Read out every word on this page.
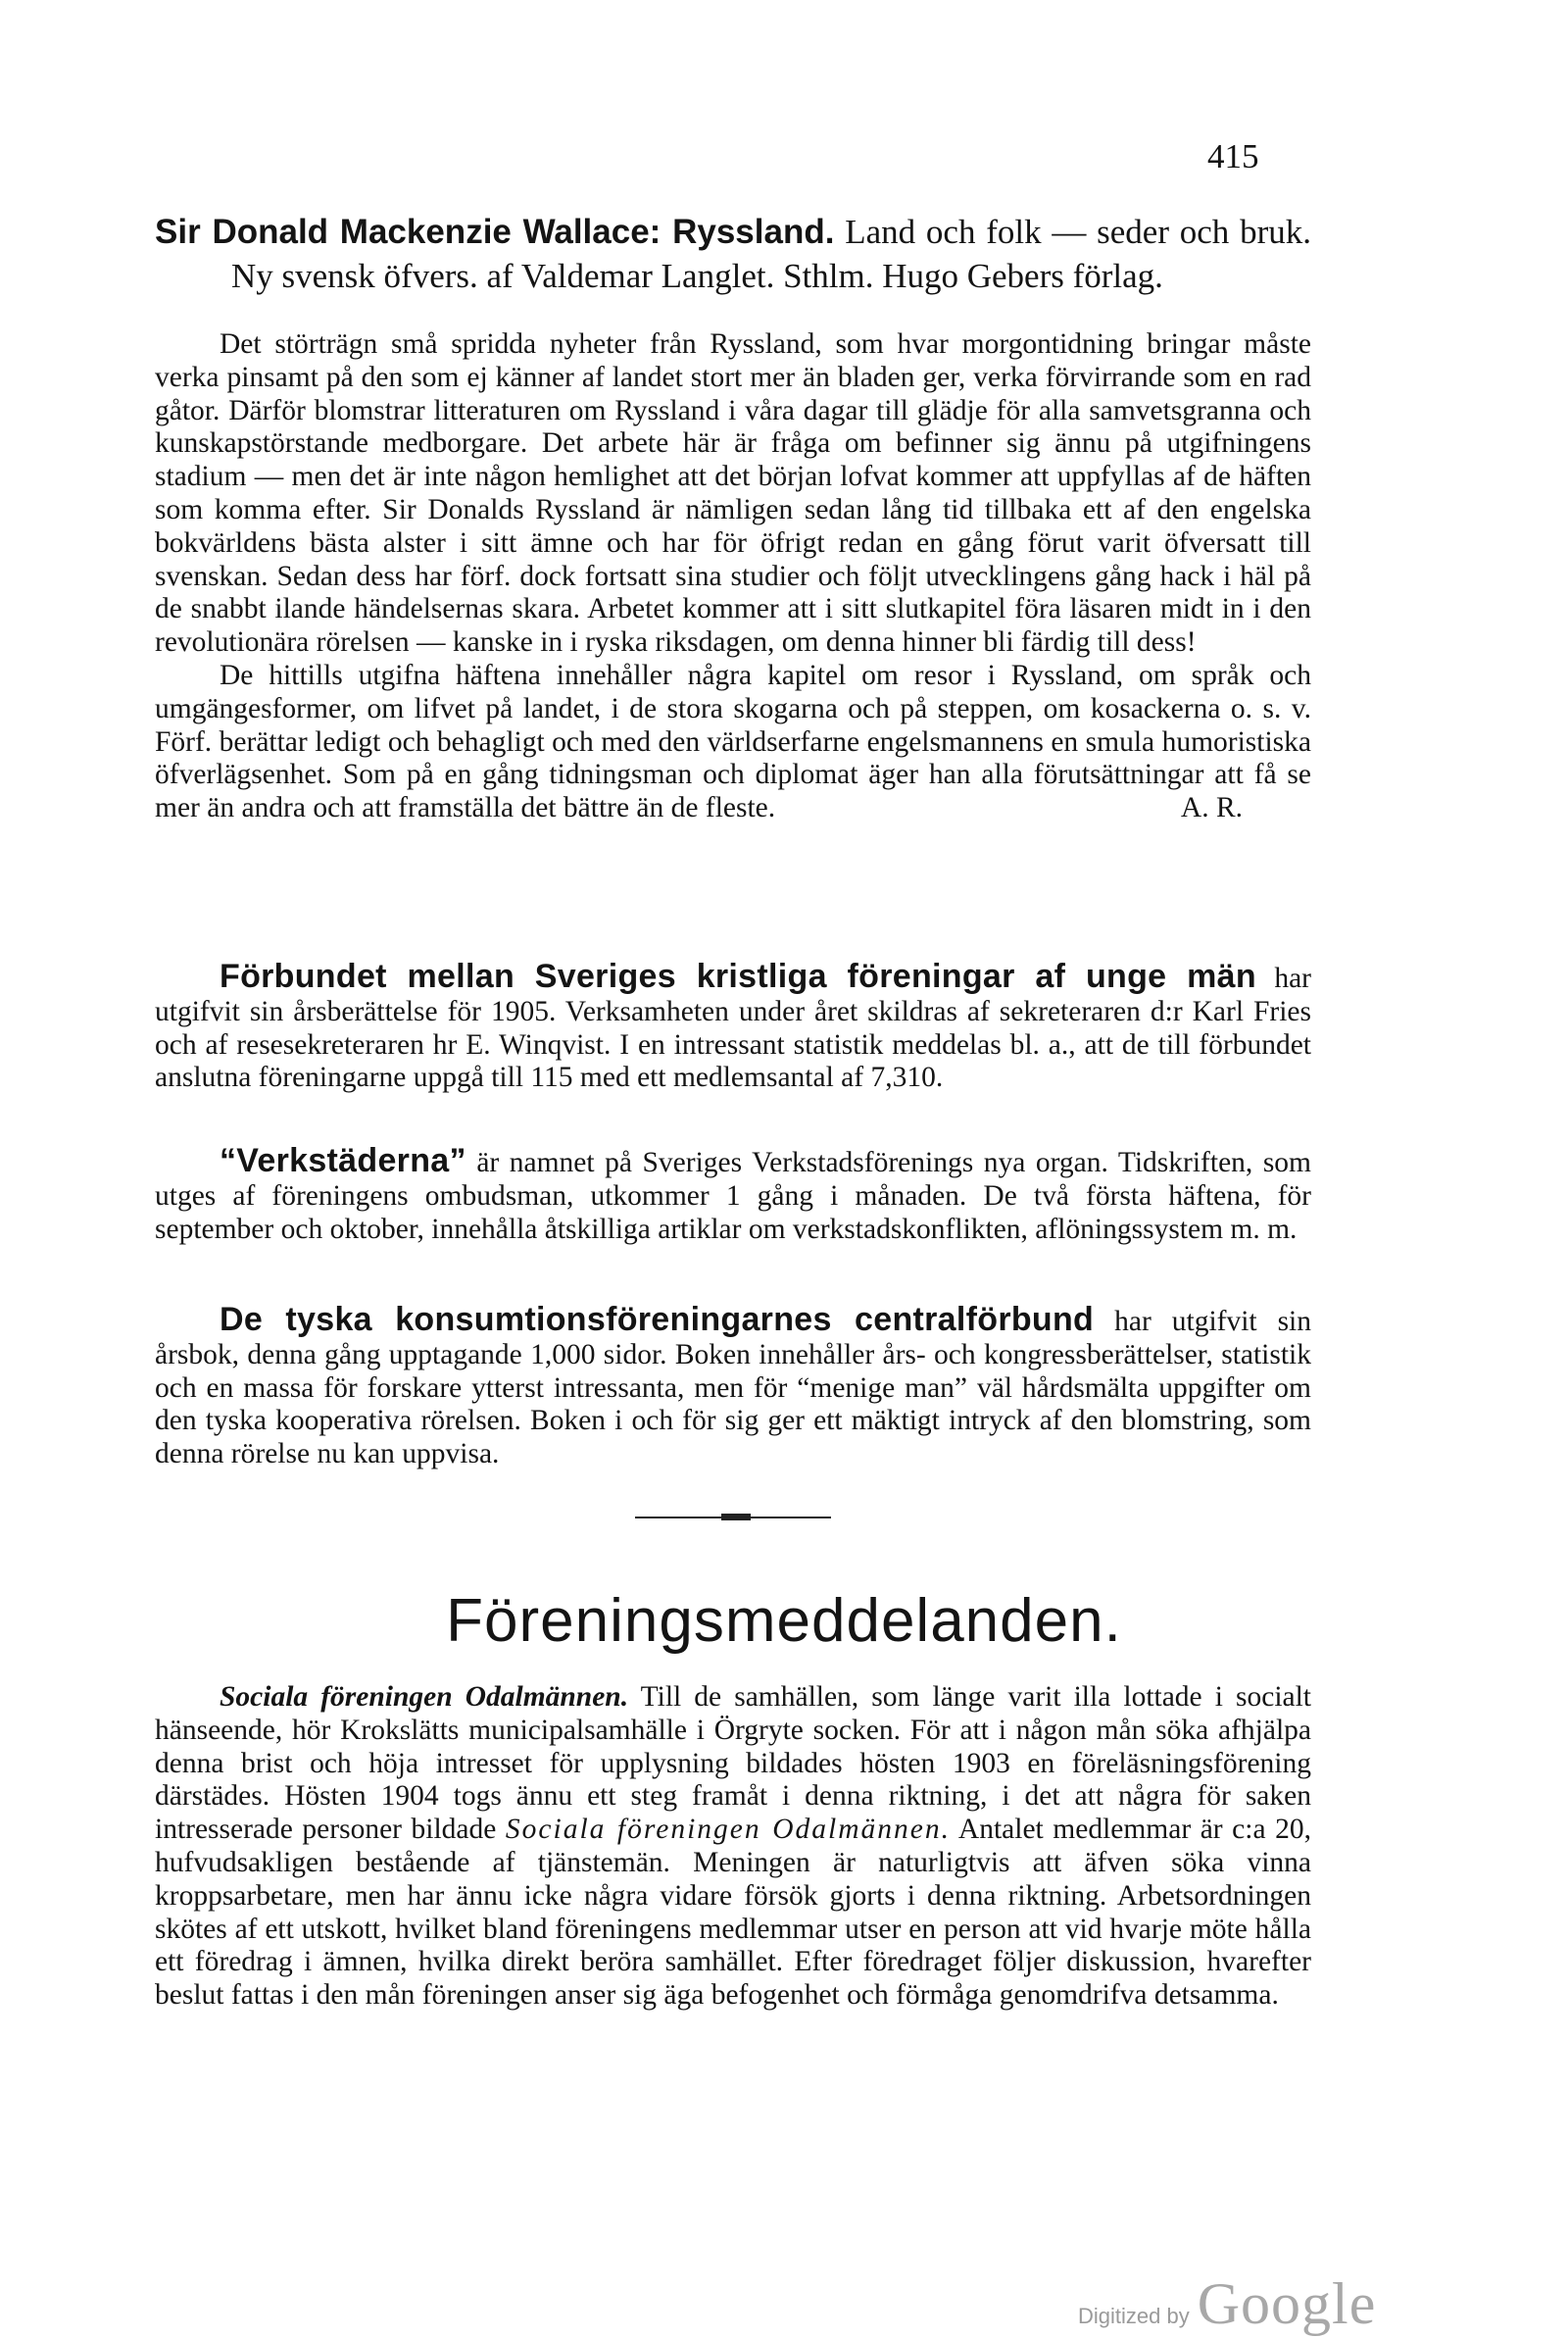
415

Sir Donald Mackenzie Wallace: Ryssland. Land och folk — seder och bruk. Ny svensk öfvers. af Valdemar Langlet. Sthlm. Hugo Gebers förlag.

Det störträgn små spridda nyheter från Ryssland, som hvar morgontidning bringar måste verka pinsamt på den som ej känner af landet stort mer än bladen ger, verka förvirrande som en rad gåtor. Därför blomstrar litteraturen om Ryssland i våra dagar till glädje för alla samvetsgranna och kunskapstörstande medborgare. Det arbete här är fråga om befinner sig ännu på utgifningens stadium — men det är inte någon hemlighet att det början lofvat kommer att uppfyllas af de häften som komma efter. Sir Donalds Ryssland är nämligen sedan lång tid tillbaka ett af den engelska bokvärldens bästa alster i sitt ämne och har för öfrigt redan en gång förut varit öfversatt till svenskan. Sedan dess har förf. dock fortsatt sina studier och följt utvecklingens gång hack i häl på de snabbt ilande händelsernas skara. Arbetet kommer att i sitt slutkapitel föra läsaren midt in i den revolutionära rörelsen — kanske in i ryska riksdagen, om denna hinner bli färdig till dess!

De hittills utgifna häftena innehåller några kapitel om resor i Ryssland, om språk och umgängesformer, om lifvet på landet, i de stora skogarna och på steppen, om kosackerna o. s. v. Förf. berättar ledigt och behagligt och med den världserfarne engelsmannens en smula humoristiska öfverlägsenhet. Som på en gång tidningsman och diplomat äger han alla förutsättningar att få se mer än andra och att framställa det bättre än de fleste.	A. R.

Förbundet mellan Sveriges kristliga föreningar af unge män har utgifvit sin årsberättelse för 1905. Verksamheten under året skildras af sekreteraren d:r Karl Fries och af resesekreteraren hr E. Winqvist. I en intressant statistik meddelas bl. a., att de till förbundet anslutna föreningarne uppgå till 115 med ett medlemsantal af 7,310.

“Verkstäderna” är namnet på Sveriges Verkstadsförenings nya organ. Tidskriften, som utges af föreningens ombudsman, utkommer 1 gång i månaden. De två första häftena, för september och oktober, innehålla åtskilliga artiklar om verkstadskonflikten, aflöningssystem m. m.

De tyska konsumtionsföreningarnes centralförbund har utgifvit sin årsbok, denna gång upptagande 1,000 sidor. Boken innehåller års- och kongressberättelser, statistik och en massa för forskare ytterst intressanta, men för “menige man” väl hårdsmälta uppgifter om den tyska kooperativa rörelsen. Boken i och för sig ger ett mäktigt intryck af den blomstring, som denna rörelse nu kan uppvisa.

Föreningsmeddelanden.

Sociala föreningen Odalmännen. Till de samhällen, som länge varit illa lottade i socialt hänseende, hör Krokslätts municipalsamhälle i Örgryte socken. För att i någon mån söka afhjälpa denna brist och höja intresset för upplysning bildades hösten 1903 en föreläsningsförening därstädes. Hösten 1904 togs ännu ett steg framåt i denna riktning, i det att några för saken intresserade personer bildade Sociala föreningen Odalmännen. Antalet medlemmar är c:a 20, hufvudsakligen bestående af tjänstemän. Meningen är naturligtvis att äfven söka vinna kroppsarbetare, men har ännu icke några vidare försök gjorts i denna riktning. Arbetsordningen skötes af ett utskott, hvilket bland föreningens medlemmar utser en person att vid hvarje möte hålla ett föredrag i ämnen, hvilka direkt beröra samhället. Efter föredraget följer diskussion, hvarefter beslut fattas i den mån föreningen anser sig äga befogenhet och förmåga genomdrifva detsamma.

Digitized by Google
